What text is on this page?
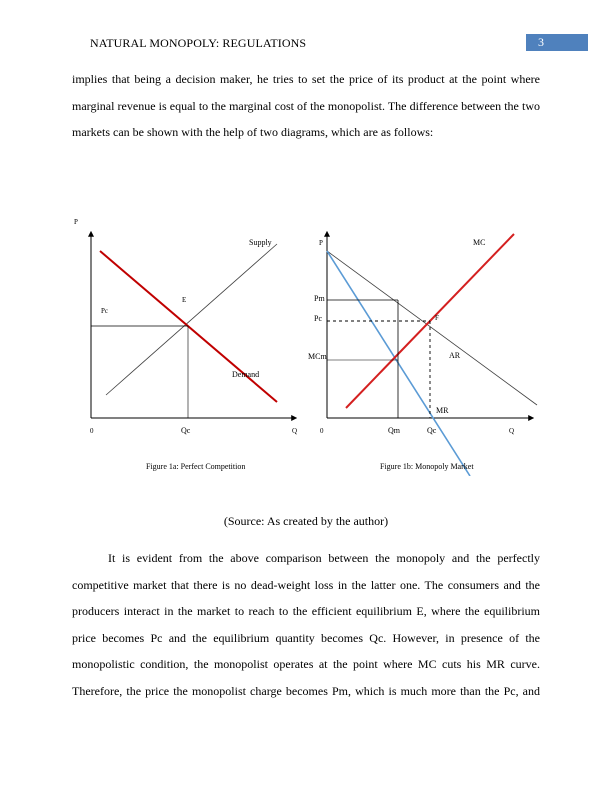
NATURAL MONOPOLY: REGULATIONS	3
implies that being a decision maker, he tries to set the price of its product at the point where
marginal revenue is equal to the marginal cost of the monopolist. The difference between the two
markets can be shown with the help of two diagrams, which are as follows:
P
0	Q
Supply
Demand
E
Pc
Qc
Figure 1a: Perfect Competition
P
0	Q
MC
AR
MR
F
Pm
Pc
MCm
Qm	Qc
Figure 1b: Monopoly Market
(Source: As created by the author)
It is evident from the above comparison between the monopoly and the perfectly
competitive market that there is no dead-weight loss in the latter one. The consumers and the
producers interact in the market to reach to the efficient equilibrium E, where the equilibrium
price becomes Pc and the equilibrium quantity becomes Qc. However, in presence of the
monopolistic condition, the monopolist operates at the point where MC cuts his MR curve.
Therefore, the price the monopolist charge becomes Pm, which is much more than the Pc, and
